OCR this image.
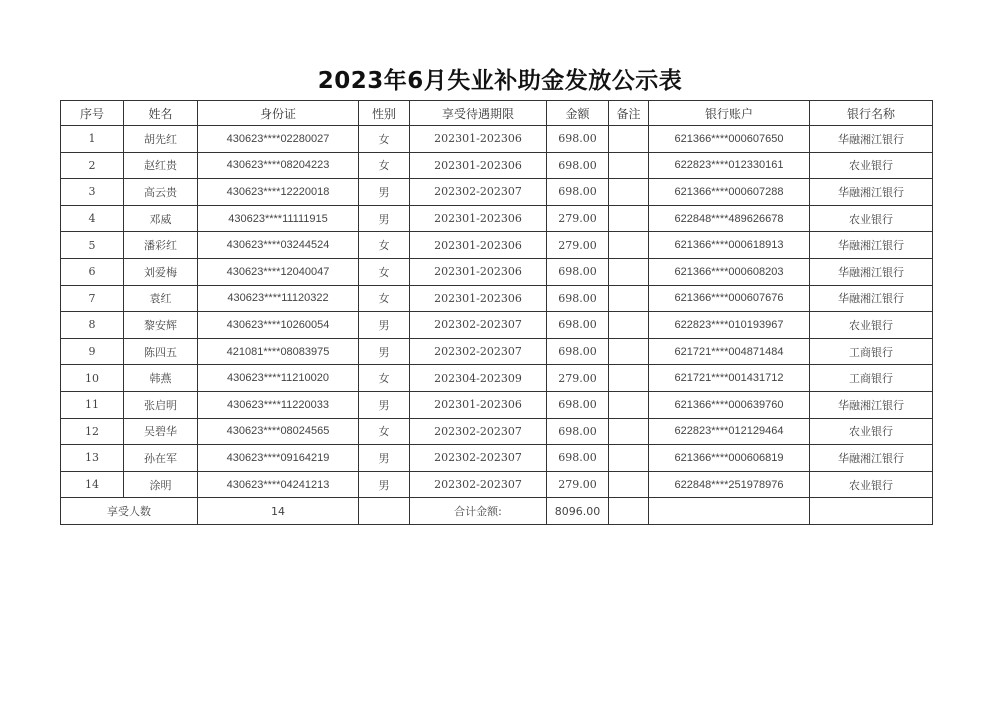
2023年6月失业补助金发放公示表
序号	姓名	身份证	性别	享受待遇期限	金额	备注	银行账户	银行名称
1	胡先红	430623****02280027	女	202301-202306	698.00		621366****000607650	华融湘江银行
2	赵红贵	430623****08204223	女	202301-202306	698.00		622823****012330161	农业银行
3	高云贵	430623****12220018	男	202302-202307	698.00		621366****000607288	华融湘江银行
4	邓威	430623****11111915	男	202301-202306	279.00		622848****489626678	农业银行
5	潘彩红	430623****03244524	女	202301-202306	279.00		621366****000618913	华融湘江银行
6	刘爱梅	430623****12040047	女	202301-202306	698.00		621366****000608203	华融湘江银行
7	袁红	430623****11120322	女	202301-202306	698.00		621366****000607676	华融湘江银行
8	黎安辉	430623****10260054	男	202302-202307	698.00		622823****010193967	农业银行
9	陈四五	421081****08083975	男	202302-202307	698.00		621721****004871484	工商银行
10	韩燕	430623****11210020	女	202304-202309	279.00		621721****001431712	工商银行
11	张启明	430623****11220033	男	202301-202306	698.00		621366****000639760	华融湘江银行
12	吴碧华	430623****08024565	女	202302-202307	698.00		622823****012129464	农业银行
13	孙在军	430623****09164219	男	202302-202307	698.00		621366****000606819	华融湘江银行
14	涂明	430623****04241213	男	202302-202307	279.00		622848****251978976	农业银行
享受人数		14		合计金额:	8096.00			
